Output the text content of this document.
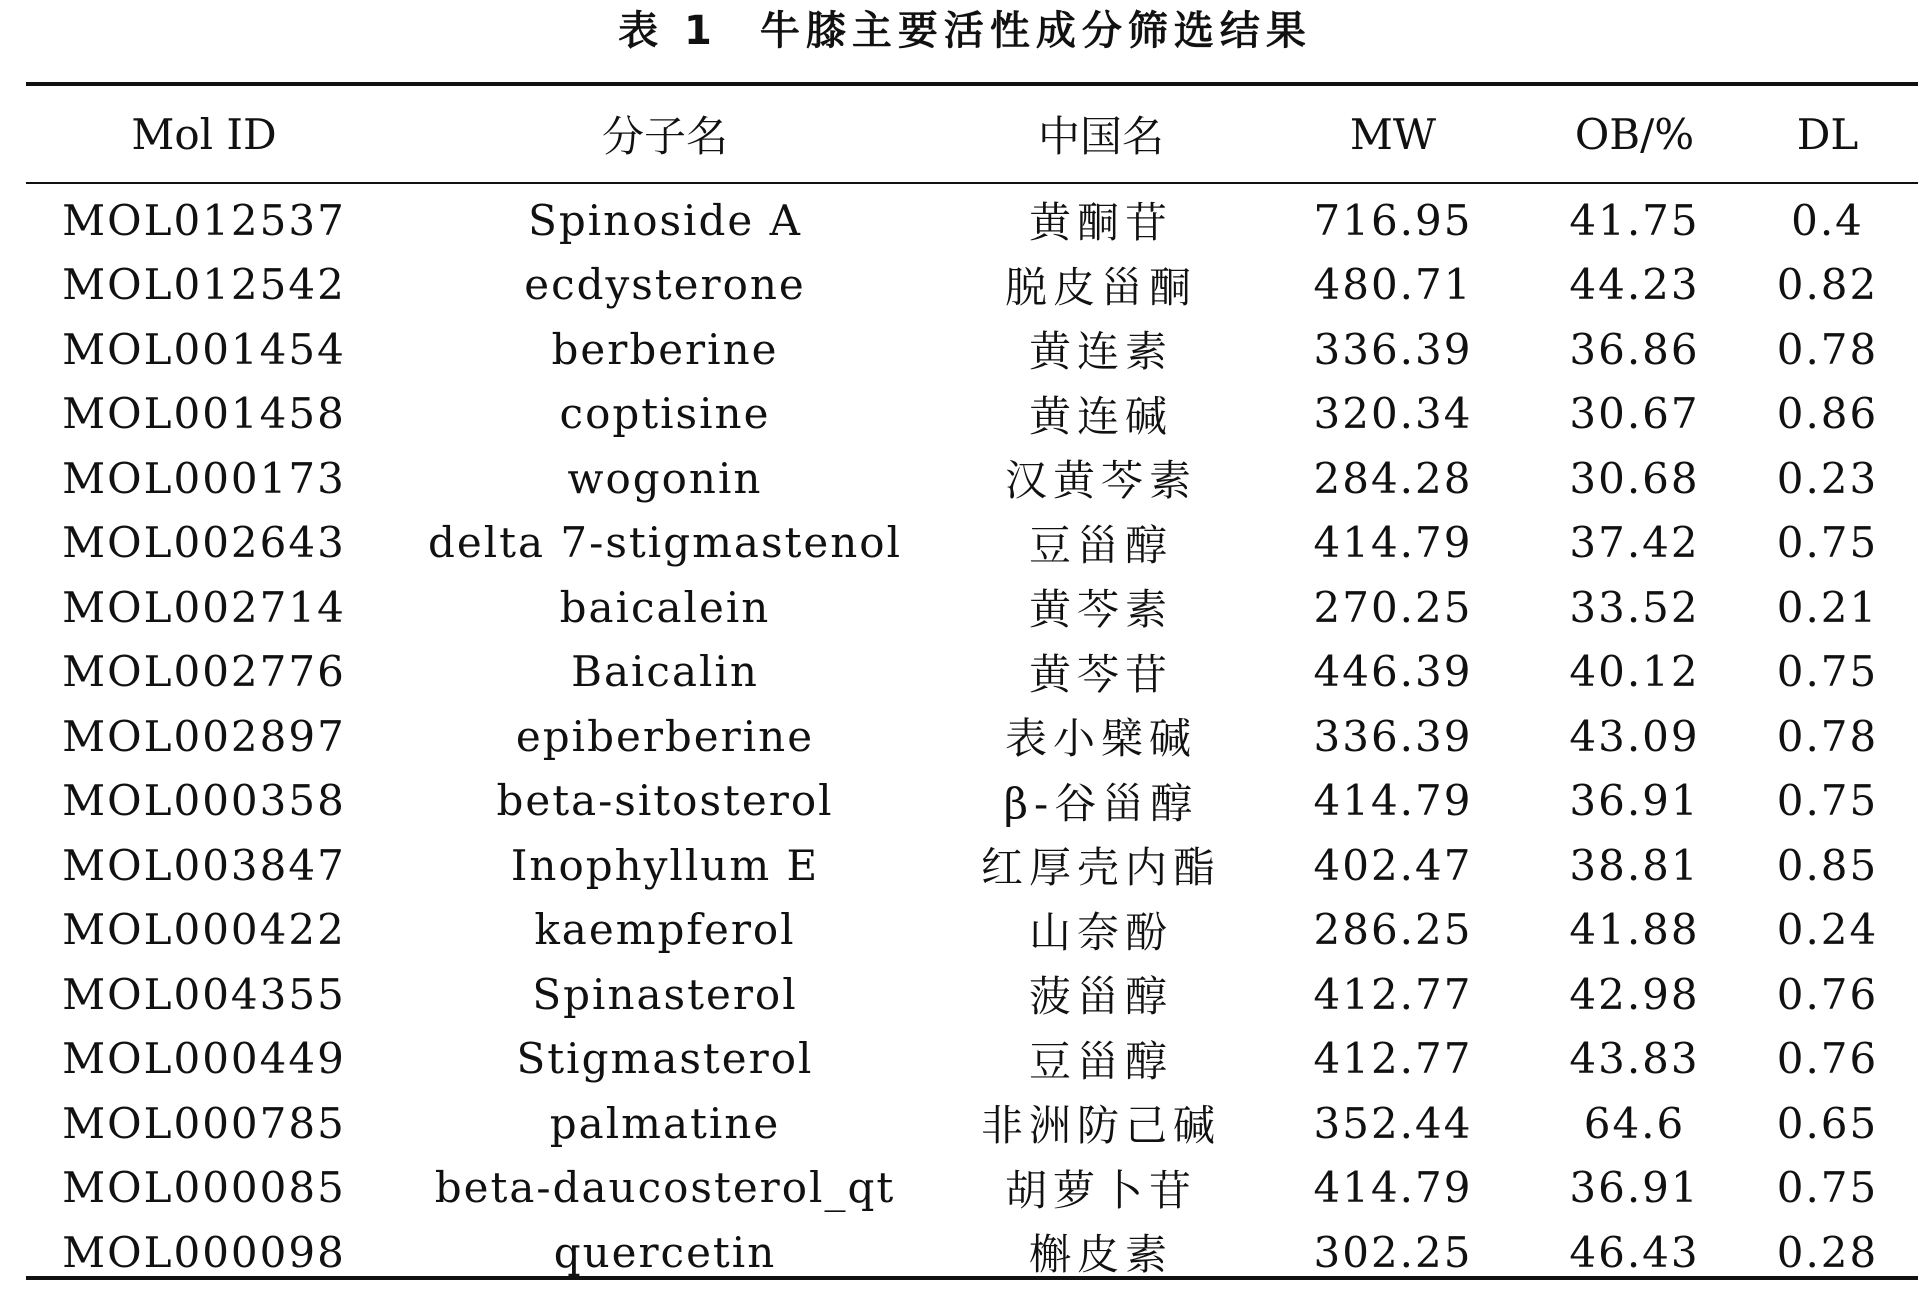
表 1 牛膝主要活性成分筛选结果
Mol ID	分子名	中国名	MW	OB/%	DL
MOL012537	Spinoside A	黄酮苷	716.95	41.75	0.4
MOL012542	ecdysterone	脱皮甾酮	480.71	44.23	0.82
MOL001454	berberine	黄连素	336.39	36.86	0.78
MOL001458	coptisine	黄连碱	320.34	30.67	0.86
MOL000173	wogonin	汉黄芩素	284.28	30.68	0.23
MOL002643	delta 7-stigmastenol	豆甾醇	414.79	37.42	0.75
MOL002714	baicalein	黄芩素	270.25	33.52	0.21
MOL002776	Baicalin	黄芩苷	446.39	40.12	0.75
MOL002897	epiberberine	表小檗碱	336.39	43.09	0.78
MOL000358	beta-sitosterol	β-谷甾醇	414.79	36.91	0.75
MOL003847	Inophyllum E	红厚壳内酯	402.47	38.81	0.85
MOL000422	kaempferol	山奈酚	286.25	41.88	0.24
MOL004355	Spinasterol	菠甾醇	412.77	42.98	0.76
MOL000449	Stigmasterol	豆甾醇	412.77	43.83	0.76
MOL000785	palmatine	非洲防己碱	352.44	64.6	0.65
MOL000085	beta-daucosterol_qt	胡萝卜苷	414.79	36.91	0.75
MOL000098	quercetin	槲皮素	302.25	46.43	0.28
